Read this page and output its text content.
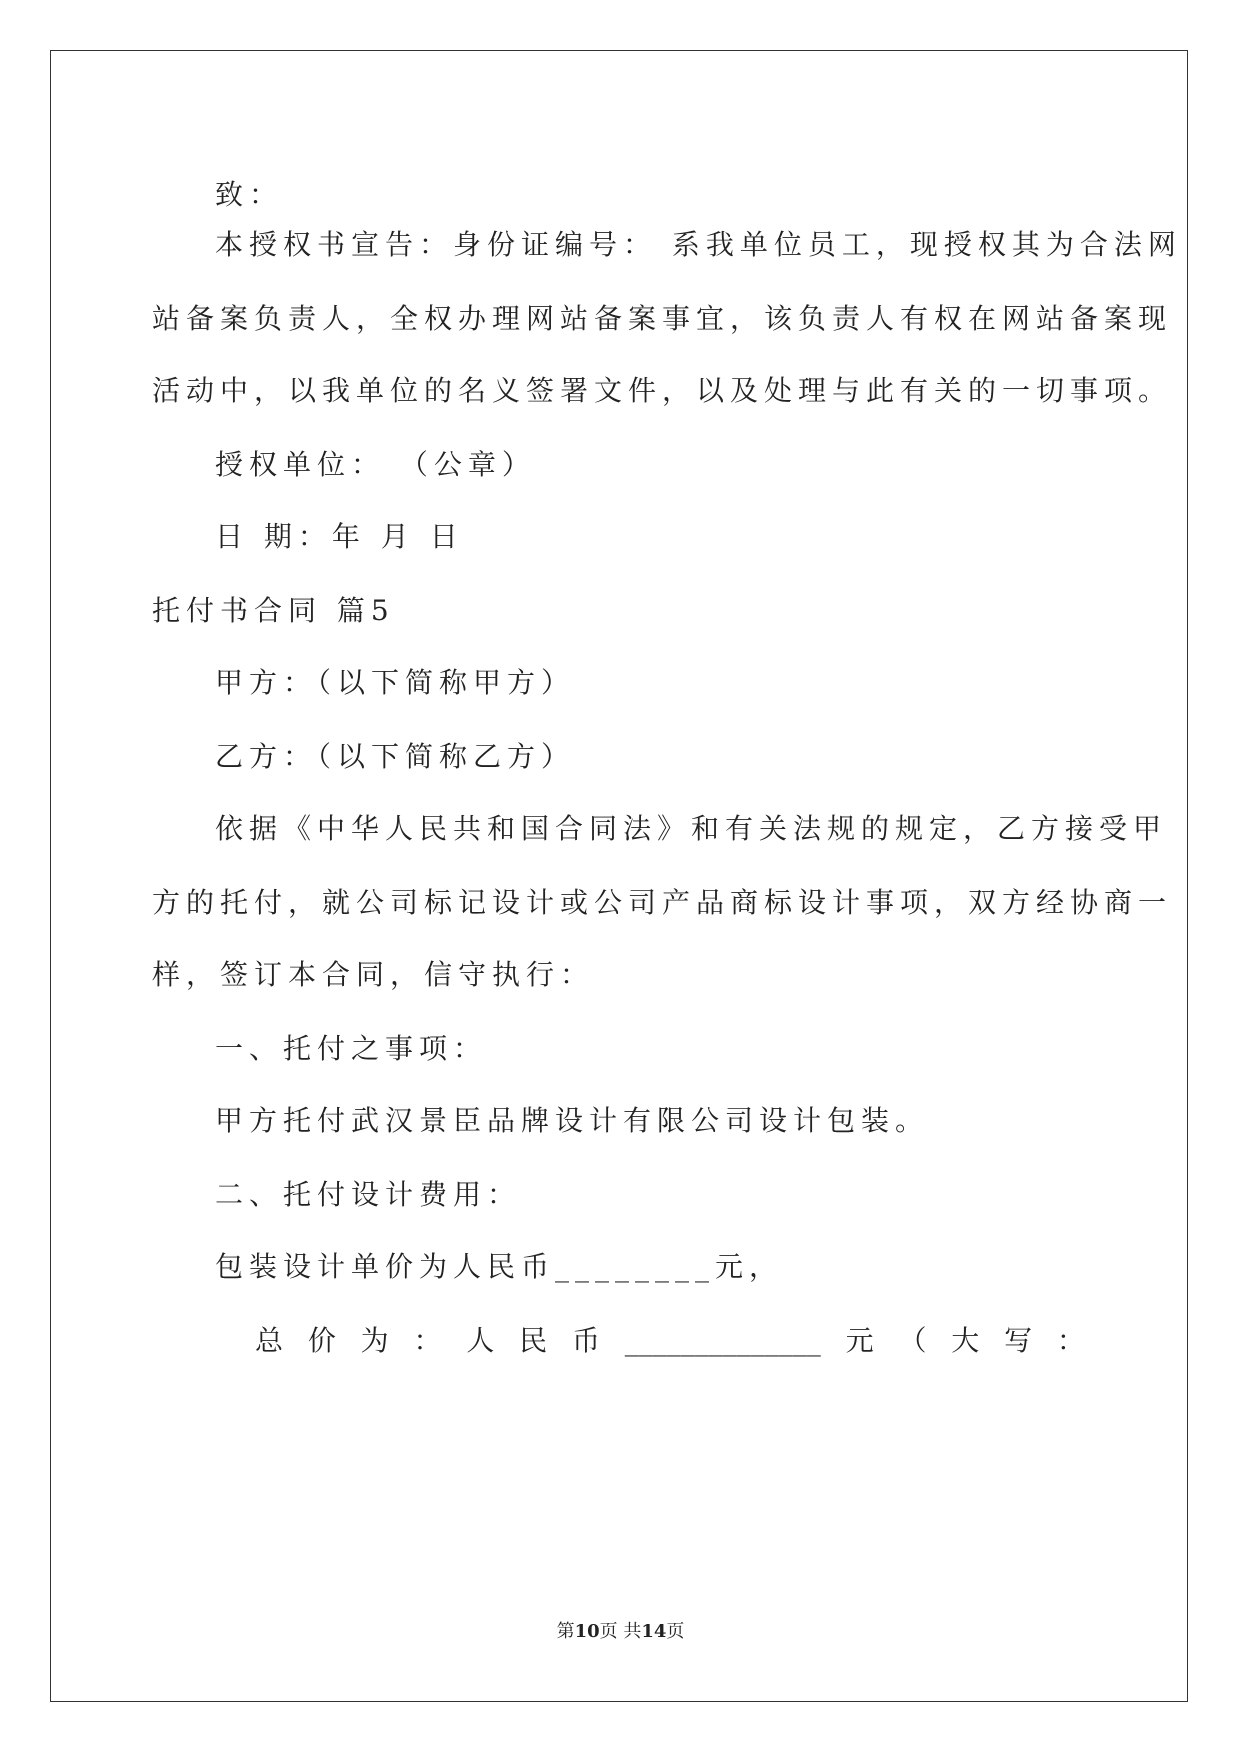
致：
本授权书宣告：身份证编号： 系我单位员工，现授权其为合法网
站备案负责人，全权办理网站备案事宜，该负责人有权在网站备案现
活动中，以我单位的名义签署文件，以及处理与此有关的一切事项。
授权单位： （公章）
日 期：年 月 日
托付书合同 篇5
甲方：（以下简称甲方）
乙方：（以下简称乙方）
依据《中华人民共和国合同法》和有关法规的规定，乙方接受甲
方的托付，就公司标记设计或公司产品商标设计事项，双方经协商一
样，签订本合同，信守执行：
一、托付之事项：
甲方托付武汉景臣品牌设计有限公司设计包装。
二、托付设计费用：
包装设计单价为人民币________元，
总 价 为 ： 人 民 币 ______________ 元 （ 大 写 ：
第10页 共14页
